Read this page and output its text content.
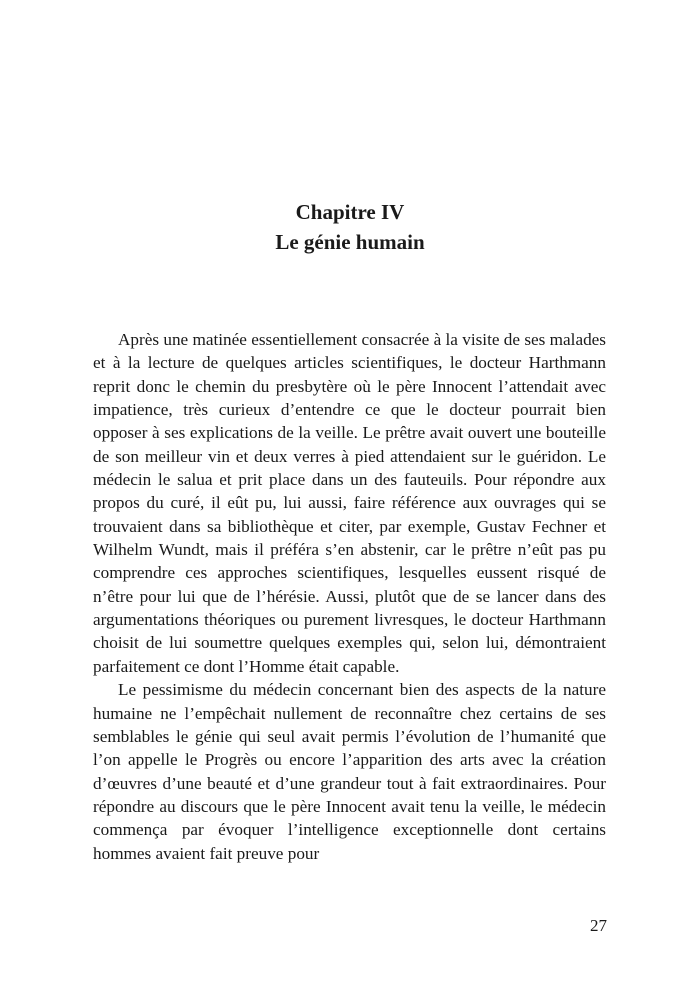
Chapitre IV
Le génie humain

Après une matinée essentiellement consacrée à la visite de ses malades et à la lecture de quelques articles scientifiques, le docteur Harthmann reprit donc le chemin du presbytère où le père Innocent l’attendait avec impatience, très curieux d’entendre ce que le docteur pourrait bien opposer à ses explications de la veille. Le prêtre avait ouvert une bouteille de son meilleur vin et deux verres à pied attendaient sur le guéridon. Le médecin le salua et prit place dans un des fauteuils. Pour répondre aux propos du curé, il eût pu, lui aussi, faire référence aux ouvrages qui se trouvaient dans sa bibliothèque et citer, par exemple, Gustav Fechner et Wilhelm Wundt, mais il préféra s’en abstenir, car le prêtre n’eût pas pu comprendre ces approches scientifiques, lesquelles eussent risqué de n’être pour lui que de l’hérésie. Aussi, plutôt que de se lancer dans des argumentations théoriques ou purement livresques, le docteur Harthmann choisit de lui soumettre quelques exemples qui, selon lui, démontraient parfaitement ce dont l’Homme était capable.

Le pessimisme du médecin concernant bien des aspects de la nature humaine ne l’empêchait nullement de reconnaître chez certains de ses semblables le génie qui seul avait permis l’évolution de l’humanité que l’on appelle le Progrès ou encore l’apparition des arts avec la création d’œuvres d’une beauté et d’une grandeur tout à fait extraordinaires. Pour répondre au discours que le père Innocent avait tenu la veille, le médecin commença par évoquer l’intelligence exceptionnelle dont certains hommes avaient fait preuve pour

27
